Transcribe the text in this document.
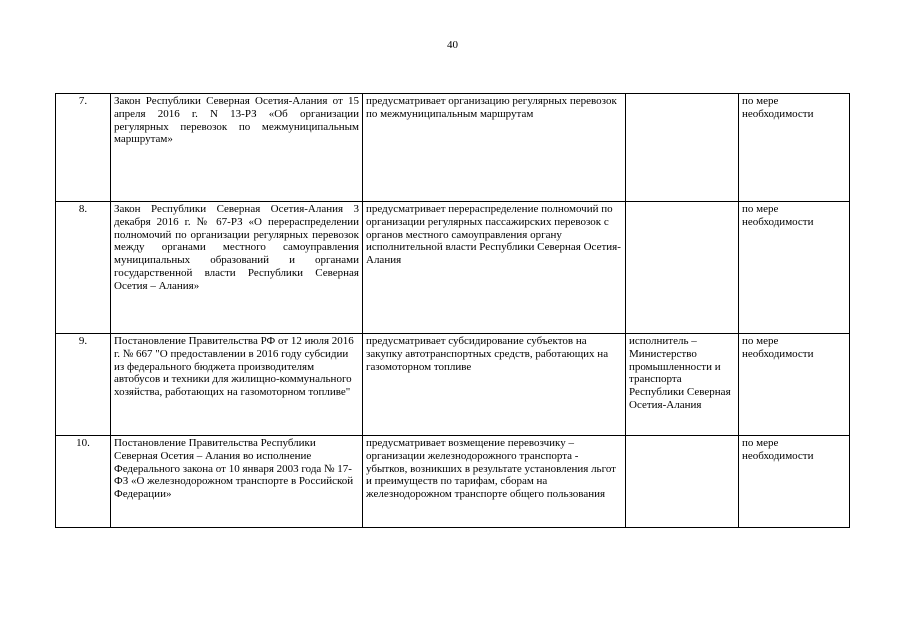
40
7.	Закон Республики Северная Осетия-Алания от 15 апреля 2016 г. N 13-РЗ «Об организации регулярных перевозок по межмуниципальным маршрутам»	предусматривает организацию регулярных перевозок по межмуниципальным маршрутам		по мере необходимости
8.	Закон Республики Северная Осетия-Алания 3 декабря 2016 г. № 67-РЗ «О перераспределении полномочий по организации регулярных перевозок между органами местного самоуправления муниципальных образований и органами государственной власти Республики Северная Осетия – Алания»	предусматривает перераспределение полномочий по организации регулярных пассажирских перевозок с органов местного самоуправления органу исполнительной власти Республики Северная Осетия-Алания		по мере необходимости
9.	Постановление Правительства РФ от 12 июля 2016 г. № 667 "О предоставлении в 2016 году субсидии из федерального бюджета производителям автобусов и техники для жилищно-коммунального хозяйства, работающих на газомоторном топливе"	предусматривает субсидирование субъектов на закупку автотранспортных средств, работающих на газомоторном топливе	исполнитель – Министерство промышленности и транспорта Республики Северная Осетия-Алания	по мере необходимости
10.	Постановление Правительства Республики Северная Осетия – Алания во исполнение Федерального закона от 10 января 2003 года № 17-ФЗ «О железнодорожном транспорте в Российской Федерации»	предусматривает возмещение перевозчику – организации железнодорожного транспорта - убытков, возникших в результате установления льгот и преимуществ по тарифам, сборам на железнодорожном транспорте общего пользования		по мере необходимости
